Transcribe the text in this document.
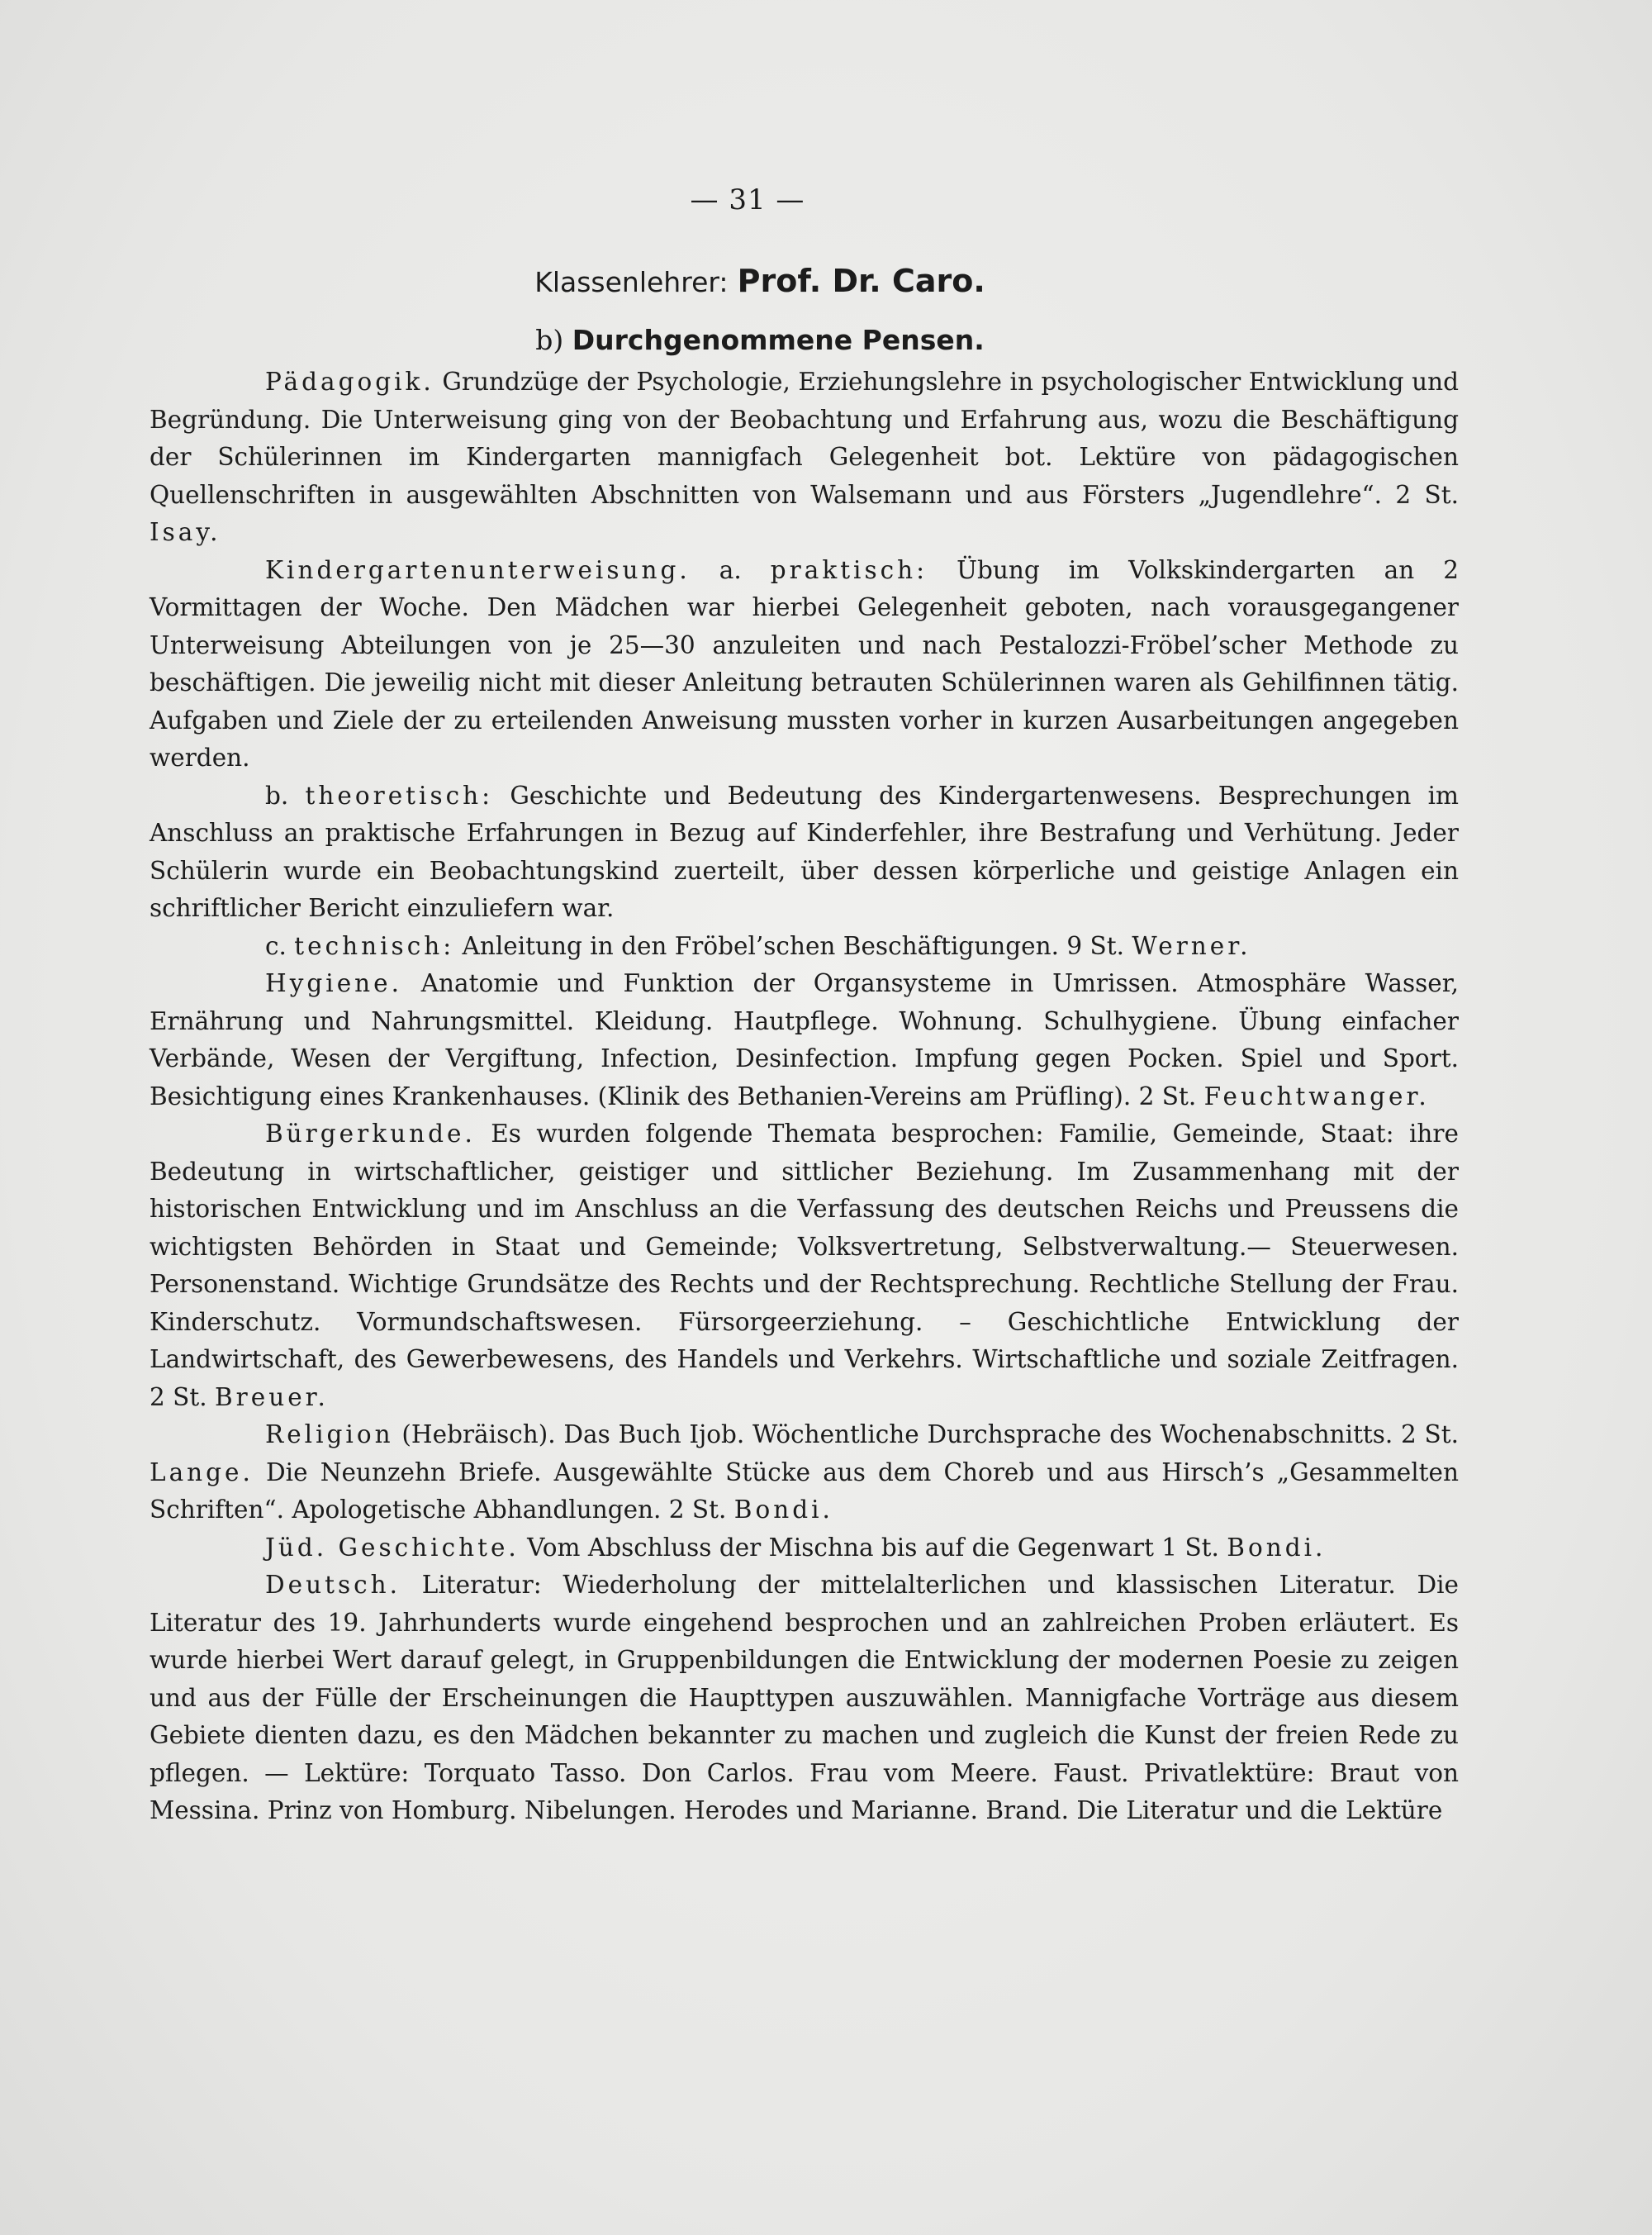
— 31 —
Klassenlehrer: Prof. Dr. Caro.
b) Durchgenommene Pensen.

Pädagogik. Grundzüge der Psychologie, Erziehungslehre in psychologischer Entwicklung und Begründung. Die Unterweisung ging von der Beobachtung und Erfahrung aus, wozu die Beschäftigung der Schülerinnen im Kindergarten mannigfach Gelegenheit bot. Lektüre von pädagogischen Quellenschriften in ausgewählten Abschnitten von Walsemann und aus Försters „Jugendlehre“. 2 St. Isay.

Kindergartenunterweisung. a. praktisch: Übung im Volkskindergarten an 2 Vormittagen der Woche. Den Mädchen war hierbei Gelegenheit geboten, nach vorausgegangener Unterweisung Abteilungen von je 25—30 anzuleiten und nach Pestalozzi-Fröbel’scher Methode zu beschäftigen. Die jeweilig nicht mit dieser Anleitung betrauten Schülerinnen waren als Gehilfinnen tätig. Aufgaben und Ziele der zu erteilenden Anweisung mussten vorher in kurzen Ausarbeitungen angegeben werden.

b. theoretisch: Geschichte und Bedeutung des Kindergartenwesens. Besprechungen im Anschluss an praktische Erfahrungen in Bezug auf Kinderfehler, ihre Bestrafung und Verhütung. Jeder Schülerin wurde ein Beobachtungskind zuerteilt, über dessen körperliche und geistige Anlagen ein schriftlicher Bericht einzuliefern war.

c. technisch: Anleitung in den Fröbel’schen Beschäftigungen. 9 St. Werner.

Hygiene. Anatomie und Funktion der Organsysteme in Umrissen. Atmosphäre Wasser, Ernährung und Nahrungsmittel. Kleidung. Hautpflege. Wohnung. Schulhygiene. Übung einfacher Verbände, Wesen der Vergiftung, Infection, Desinfection. Impfung gegen Pocken. Spiel und Sport. Besichtigung eines Krankenhauses. (Klinik des Bethanien-Vereins am Prüfling). 2 St. Feuchtwanger.

Bürgerkunde. Es wurden folgende Themata besprochen: Familie, Gemeinde, Staat: ihre Bedeutung in wirtschaftlicher, geistiger und sittlicher Beziehung. Im Zusammenhang mit der historischen Entwicklung und im Anschluss an die Verfassung des deutschen Reichs und Preussens die wichtigsten Behörden in Staat und Gemeinde; Volksvertretung, Selbstverwaltung.— Steuerwesen. Personenstand. Wichtige Grundsätze des Rechts und der Rechtsprechung. Rechtliche Stellung der Frau. Kinderschutz. Vormundschaftswesen. Fürsorgeerziehung. – Geschichtliche Entwicklung der Landwirtschaft, des Gewerbewesens, des Handels und Verkehrs. Wirtschaftliche und soziale Zeitfragen. 2 St. Breuer.

Religion (Hebräisch). Das Buch Ijob. Wöchentliche Durchsprache des Wochenabschnitts. 2 St. Lange. Die Neunzehn Briefe. Ausgewählte Stücke aus dem Choreb und aus Hirsch’s „Gesammelten Schriften“. Apologetische Abhandlungen. 2 St. Bondi.

Jüd. Geschichte. Vom Abschluss der Mischna bis auf die Gegenwart 1 St. Bondi.

Deutsch. Literatur: Wiederholung der mittelalterlichen und klassischen Literatur. Die Literatur des 19. Jahrhunderts wurde eingehend besprochen und an zahlreichen Proben erläutert. Es wurde hierbei Wert darauf gelegt, in Gruppenbildungen die Entwicklung der modernen Poesie zu zeigen und aus der Fülle der Erscheinungen die Haupttypen auszuwählen. Mannigfache Vorträge aus diesem Gebiete dienten dazu, es den Mädchen bekannter zu machen und zugleich die Kunst der freien Rede zu pflegen. — Lektüre: Torquato Tasso. Don Carlos. Frau vom Meere. Faust. Privatlektüre: Braut von Messina. Prinz von Homburg. Nibelungen. Herodes und Marianne. Brand. Die Literatur und die Lektüre
